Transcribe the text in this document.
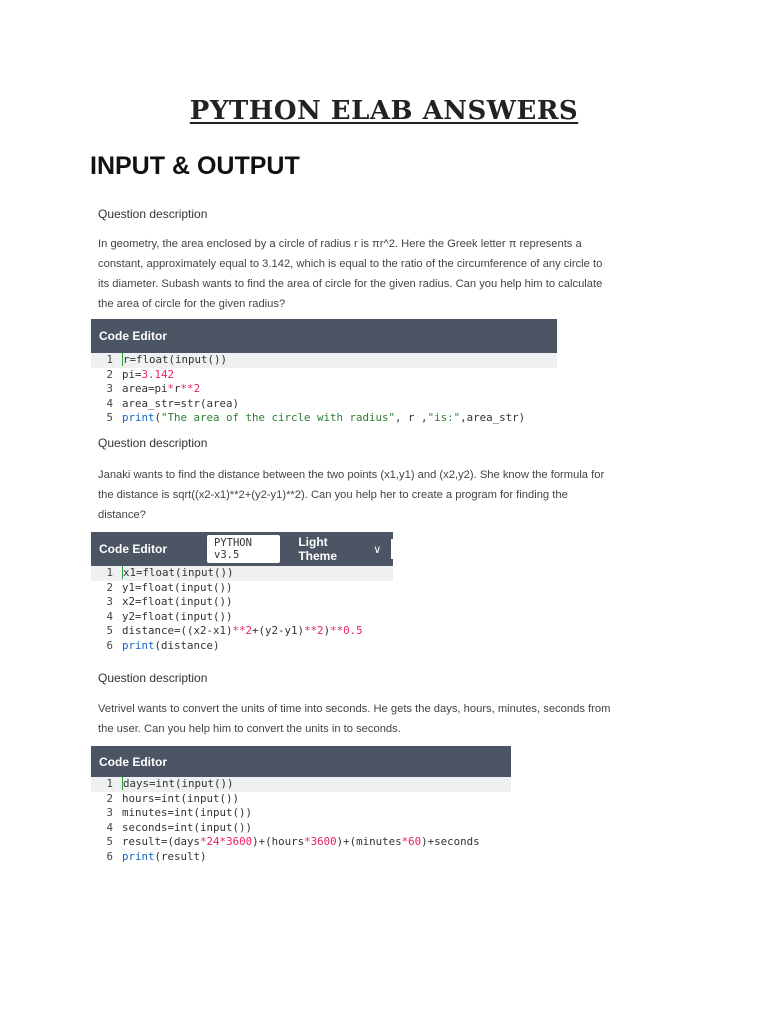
PYTHON ELAB ANSWERS
INPUT & OUTPUT
Question description
In geometry, the area enclosed by a circle of radius r is πr^2. Here the Greek letter π represents a
constant, approximately equal to 3.142, which is equal to the ratio of the circumference of any circle to
its diameter. Subash wants to find the area of circle for the given radius. Can you help him to calculate
the area of circle for the given radius?
Code Editor
1 r=float(input())
2 pi=3.142
3 area=pi*r**2
4 area_str=str(area)
5 print("The area of the circle with radius", r ,"is:",area_str)
Question description
Janaki wants to find the distance between the two points (x1,y1) and (x2,y2). She know the formula for
the distance is sqrt((x2-x1)**2+(y2-y1)**2). Can you help her to create a program for finding the
distance?
Code Editor	PYTHON v3.5
Light Theme	∨
1 x1=float(input())
2 y1=float(input())
3 x2=float(input())
4 y2=float(input())
5 distance=((x2-x1)**2+(y2-y1)**2)**0.5
6 print(distance)
Question description
Vetrivel wants to convert the units of time into seconds. He gets the days, hours, minutes, seconds from
the user. Can you help him to convert the units in to seconds.
Code Editor
1 days=int(input())
2 hours=int(input())
3 minutes=int(input())
4 seconds=int(input())
5 result=(days*24*3600)+(hours*3600)+(minutes*60)+seconds
6 print(result)
